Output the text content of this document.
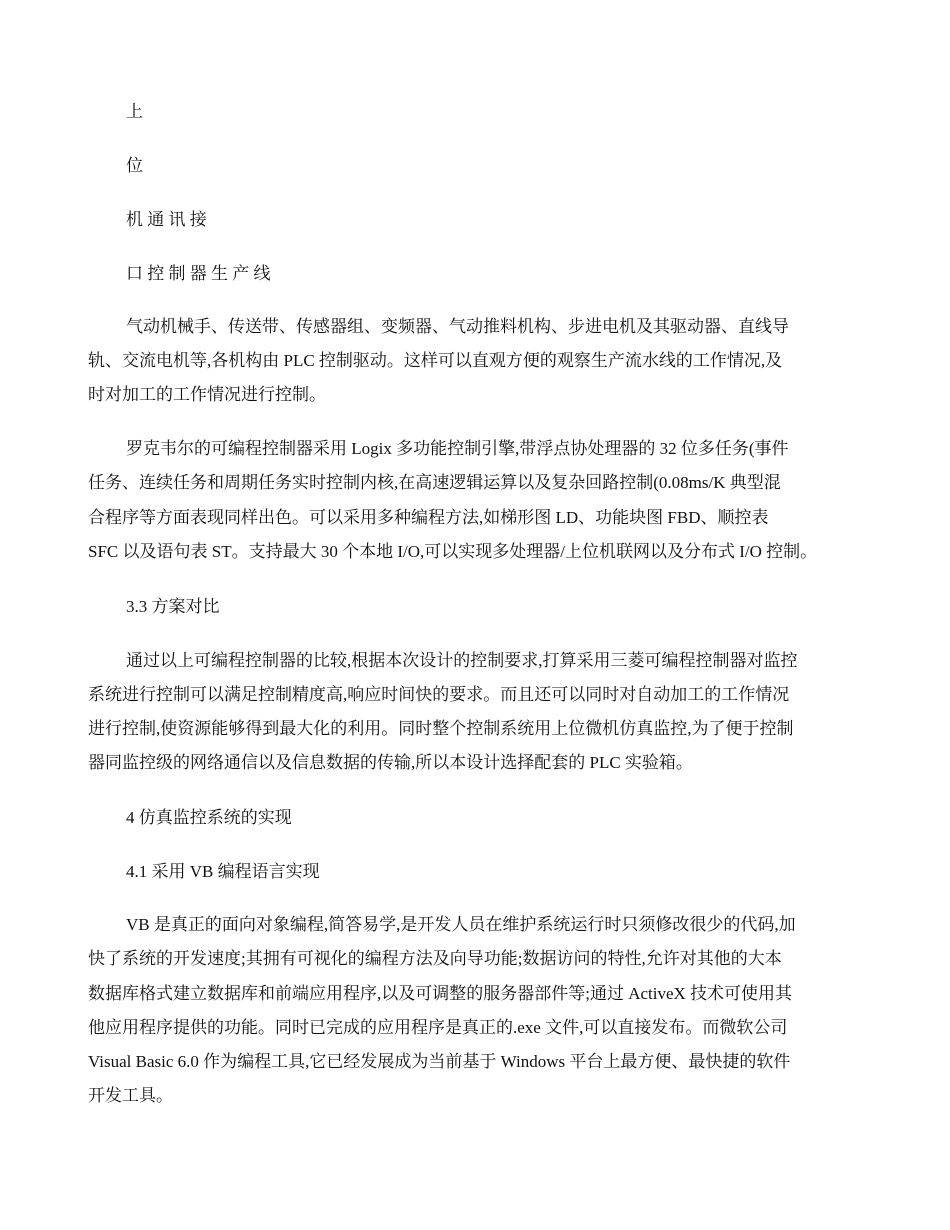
上
位
机 通 讯 接
口 控 制 器 生 产 线
气动机械手、传送带、传感器组、变频器、气动推料机构、步进电机及其驱动器、直线导
轨、交流电机等,各机构由 PLC 控制驱动。这样可以直观方便的观察生产流水线的工作情况,及
时对加工的工作情况进行控制。
罗克韦尔的可编程控制器采用 Logix 多功能控制引擎,带浮点协处理器的 32 位多任务(事件
任务、连续任务和周期任务实时控制内核,在高速逻辑运算以及复杂回路控制(0.08ms/K 典型混
合程序等方面表现同样出色。可以采用多种编程方法,如梯形图 LD、功能块图 FBD、顺控表
SFC 以及语句表 ST。支持最大 30 个本地 I/O,可以实现多处理器/上位机联网以及分布式 I/O 控制。
3.3 方案对比
通过以上可编程控制器的比较,根据本次设计的控制要求,打算采用三菱可编程控制器对监控
系统进行控制可以满足控制精度高,响应时间快的要求。而且还可以同时对自动加工的工作情况
进行控制,使资源能够得到最大化的利用。同时整个控制系统用上位微机仿真监控,为了便于控制
器同监控级的网络通信以及信息数据的传输,所以本设计选择配套的 PLC 实验箱。
4 仿真监控系统的实现
4.1 采用 VB 编程语言实现
VB 是真正的面向对象编程,简答易学,是开发人员在维护系统运行时只须修改很少的代码,加
快了系统的开发速度;其拥有可视化的编程方法及向导功能;数据访问的特性,允许对其他的大本
数据库格式建立数据库和前端应用程序,以及可调整的服务器部件等;通过 ActiveX 技术可使用其
他应用程序提供的功能。同时已完成的应用程序是真正的.exe 文件,可以直接发布。而微软公司
Visual Basic 6.0 作为编程工具,它已经发展成为当前基于 Windows 平台上最方便、最快捷的软件
开发工具。
